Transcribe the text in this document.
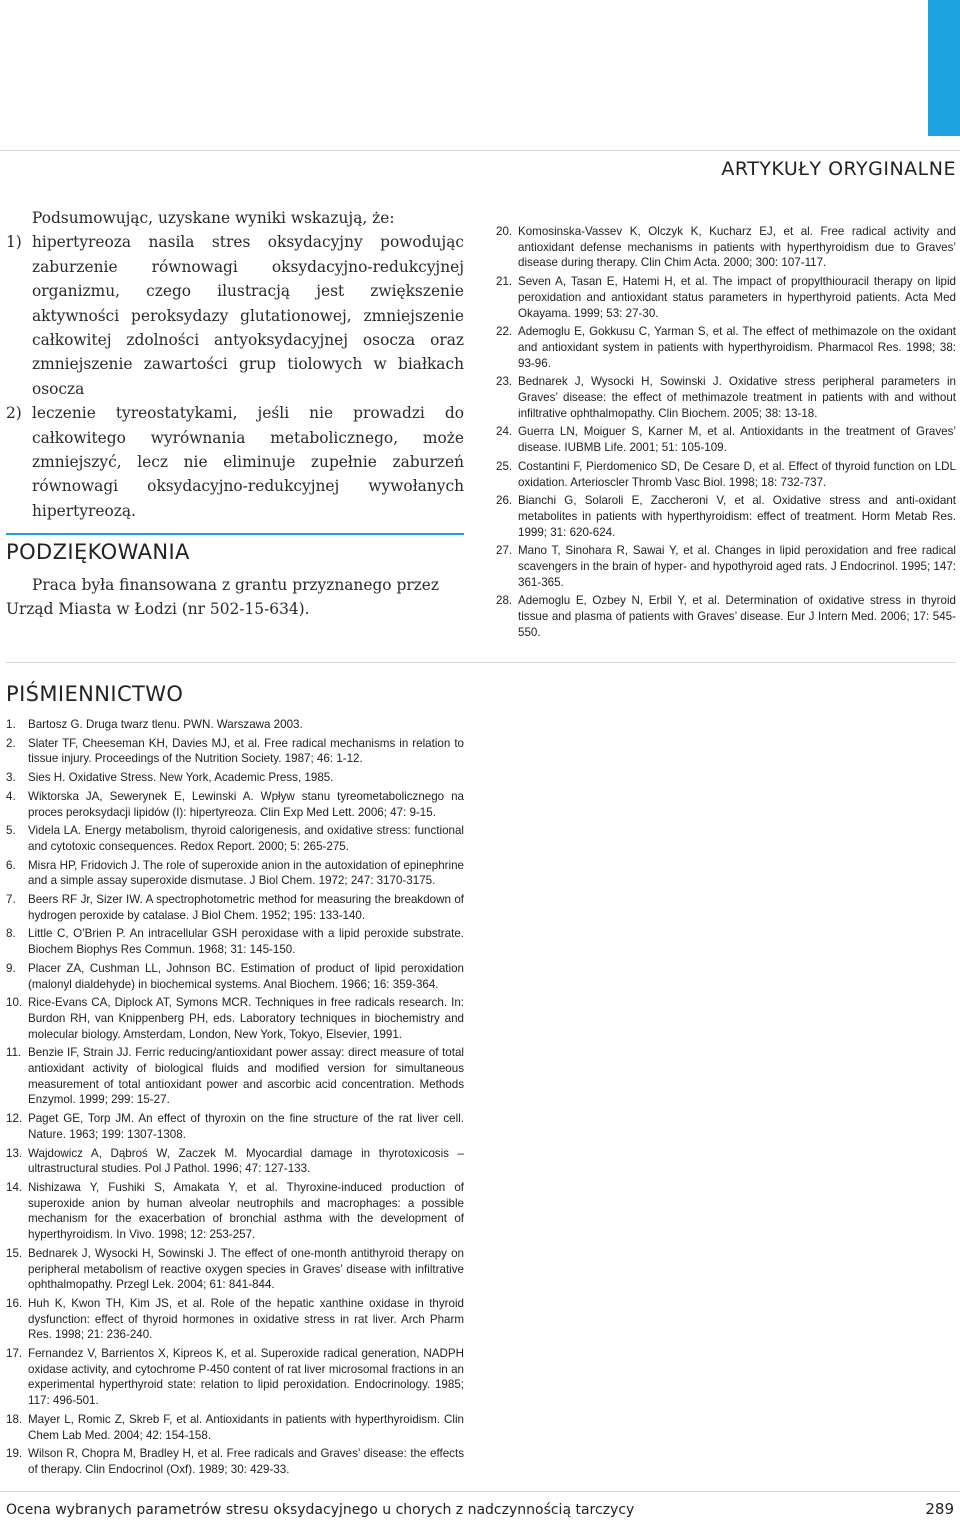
ARTYKUŁY ORYGINALNE

Podsumowując, uzyskane wyniki wskazują, że:

1) hipertyreoza nasila stres oksydacyjny powodując zaburzenie równowagi oksydacyjno-redukcyjnej organizmu, czego ilustracją jest zwiększenie aktywności peroksydazy glutationowej, zmniejszenie całkowitej zdolności antyoksydacyjnej osocza oraz zmniejszenie zawartości grup tiolowych w białkach osocza
2) leczenie tyreostatykami, jeśli nie prowadzi do całkowitego wyrównania metabolicznego, może zmniejszyć, lecz nie eliminuje zupełnie zaburzeń równowagi oksydacyjno-redukcyjnej wywołanych hipertyreozą.
PODZIĘKOWANIA

Praca była finansowana z grantu przyznanego przez Urząd Miasta w Łodzi (nr 502-15-634).

20. Komosinska-Vassev K, Olczyk K, Kucharz EJ, et al. Free radical activity and antioxidant defense mechanisms in patients with hyperthyroidism due to Graves’ disease during therapy. Clin Chim Acta. 2000; 300: 107-117.
21. Seven A, Tasan E, Hatemi H, et al. The impact of propylthiouracil therapy on lipid peroxidation and antioxidant status parameters in hyperthyroid patients. Acta Med Okayama. 1999; 53: 27-30.
22. Ademoglu E, Gokkusu C, Yarman S, et al. The effect of methimazole on the oxidant and antioxidant system in patients with hyperthyroidism. Pharmacol Res. 1998; 38: 93-96.
23. Bednarek J, Wysocki H, Sowinski J. Oxidative stress peripheral parameters in Graves’ disease: the effect of methimazole treatment in patients with and without infiltrative ophthalmopathy. Clin Biochem. 2005; 38: 13-18.
24. Guerra LN, Moiguer S, Karner M, et al. Antioxidants in the treatment of Graves’ disease. IUBMB Life. 2001; 51: 105-109.
25. Costantini F, Pierdomenico SD, De Cesare D, et al. Effect of thyroid function on LDL oxidation. Arterioscler Thromb Vasc Biol. 1998; 18: 732-737.
26. Bianchi G, Solaroli E, Zaccheroni V, et al. Oxidative stress and anti-oxidant metabolites in patients with hyperthyroidism: effect of treatment. Horm Metab Res. 1999; 31: 620-624.
27. Mano T, Sinohara R, Sawai Y, et al. Changes in lipid peroxidation and free radical scavengers in the brain of hyper- and hypothyroid aged rats. J Endocrinol. 1995; 147: 361-365.
28. Ademoglu E, Ozbey N, Erbil Y, et al. Determination of oxidative stress in thyroid tissue and plasma of patients with Graves’ disease. Eur J Intern Med. 2006; 17: 545-550.
PIŚMIENNICTWO
1.	Bartosz G. Druga twarz tlenu. PWN. Warszawa 2003.
2.	Slater TF, Cheeseman KH, Davies MJ, et al. Free radical mechanisms in relation to tissue injury. Proceedings of the Nutrition Society. 1987; 46: 1-12.
3.	Sies H. Oxidative Stress. New York, Academic Press, 1985.
4.	Wiktorska JA, Sewerynek E, Lewinski A. Wpływ stanu tyreometabolicznego na proces peroksydacji lipidów (I): hipertyreoza. Clin Exp Med Lett. 2006; 47: 9-15.
5.	Videla LA. Energy metabolism, thyroid calorigenesis, and oxidative stress: functional and cytotoxic consequences. Redox Report. 2000; 5: 265-275.
6.	Misra HP, Fridovich J. The role of superoxide anion in the autoxidation of epinephrine and a simple assay superoxide dismutase. J Biol Chem. 1972; 247: 3170-3175.
7.	Beers RF Jr, Sizer IW. A spectrophotometric method for measuring the breakdown of hydrogen peroxide by catalase. J Biol Chem. 1952; 195: 133-140.
8.	Little C, O’Brien P. An intracellular GSH peroxidase with a lipid peroxide substrate. Biochem Biophys Res Commun. 1968; 31: 145-150.
9.	Placer ZA, Cushman LL, Johnson BC. Estimation of product of lipid peroxidation (malonyl dialdehyde) in biochemical systems. Anal Biochem. 1966; 16: 359-364.
10. Rice-Evans CA, Diplock AT, Symons MCR. Techniques in free radicals research. In: Burdon RH, van Knippenberg PH, eds. Laboratory techniques in biochemistry and molecular biology. Amsterdam, London, New York, Tokyo, Elsevier, 1991.
11. Benzie IF, Strain JJ. Ferric reducing/antioxidant power assay: direct measure of total antioxidant activity of biological fluids and modified version for simultaneous measurement of total antioxidant power and ascorbic acid concentration. Methods Enzymol. 1999; 299: 15-27.
12. Paget GE, Torp JM. An effect of thyroxin on the fine structure of the rat liver cell. Nature. 1963; 199: 1307-1308.
13. Wajdowicz A, Dąbroś W, Zaczek M. Myocardial damage in thyrotoxicosis – ultrastructural studies. Pol J Pathol. 1996; 47: 127-133.
14. Nishizawa Y, Fushiki S, Amakata Y, et al. Thyroxine-induced production of superoxide anion by human alveolar neutrophils and macrophages: a possible mechanism for the exacerbation of bronchial asthma with the development of hyperthyroidism. In Vivo. 1998; 12: 253-257.
15. Bednarek J, Wysocki H, Sowinski J. The effect of one-month antithyroid therapy on peripheral metabolism of reactive oxygen species in Graves’ disease with infiltrative ophthalmopathy. Przegl Lek. 2004; 61: 841-844.
16. Huh K, Kwon TH, Kim JS, et al. Role of the hepatic xanthine oxidase in thyroid dysfunction: effect of thyroid hormones in oxidative stress in rat liver. Arch Pharm Res. 1998; 21: 236-240.
17. Fernandez V, Barrientos X, Kipreos K, et al. Superoxide radical generation, NADPH oxidase activity, and cytochrome P-450 content of rat liver microsomal fractions in an experimental hyperthyroid state: relation to lipid peroxidation. Endocrinology. 1985; 117: 496-501.
18. Mayer L, Romic Z, Skreb F, et al. Antioxidants in patients with hyperthyroidism. Clin Chem Lab Med. 2004; 42: 154-158.
19. Wilson R, Chopra M, Bradley H, et al. Free radicals and Graves’ disease: the effects of therapy. Clin Endocrinol (Oxf). 1989; 30: 429-33.
Ocena wybranych parametrów stresu oksydacyjnego u chorych z nadczynnością tarczycy	289
